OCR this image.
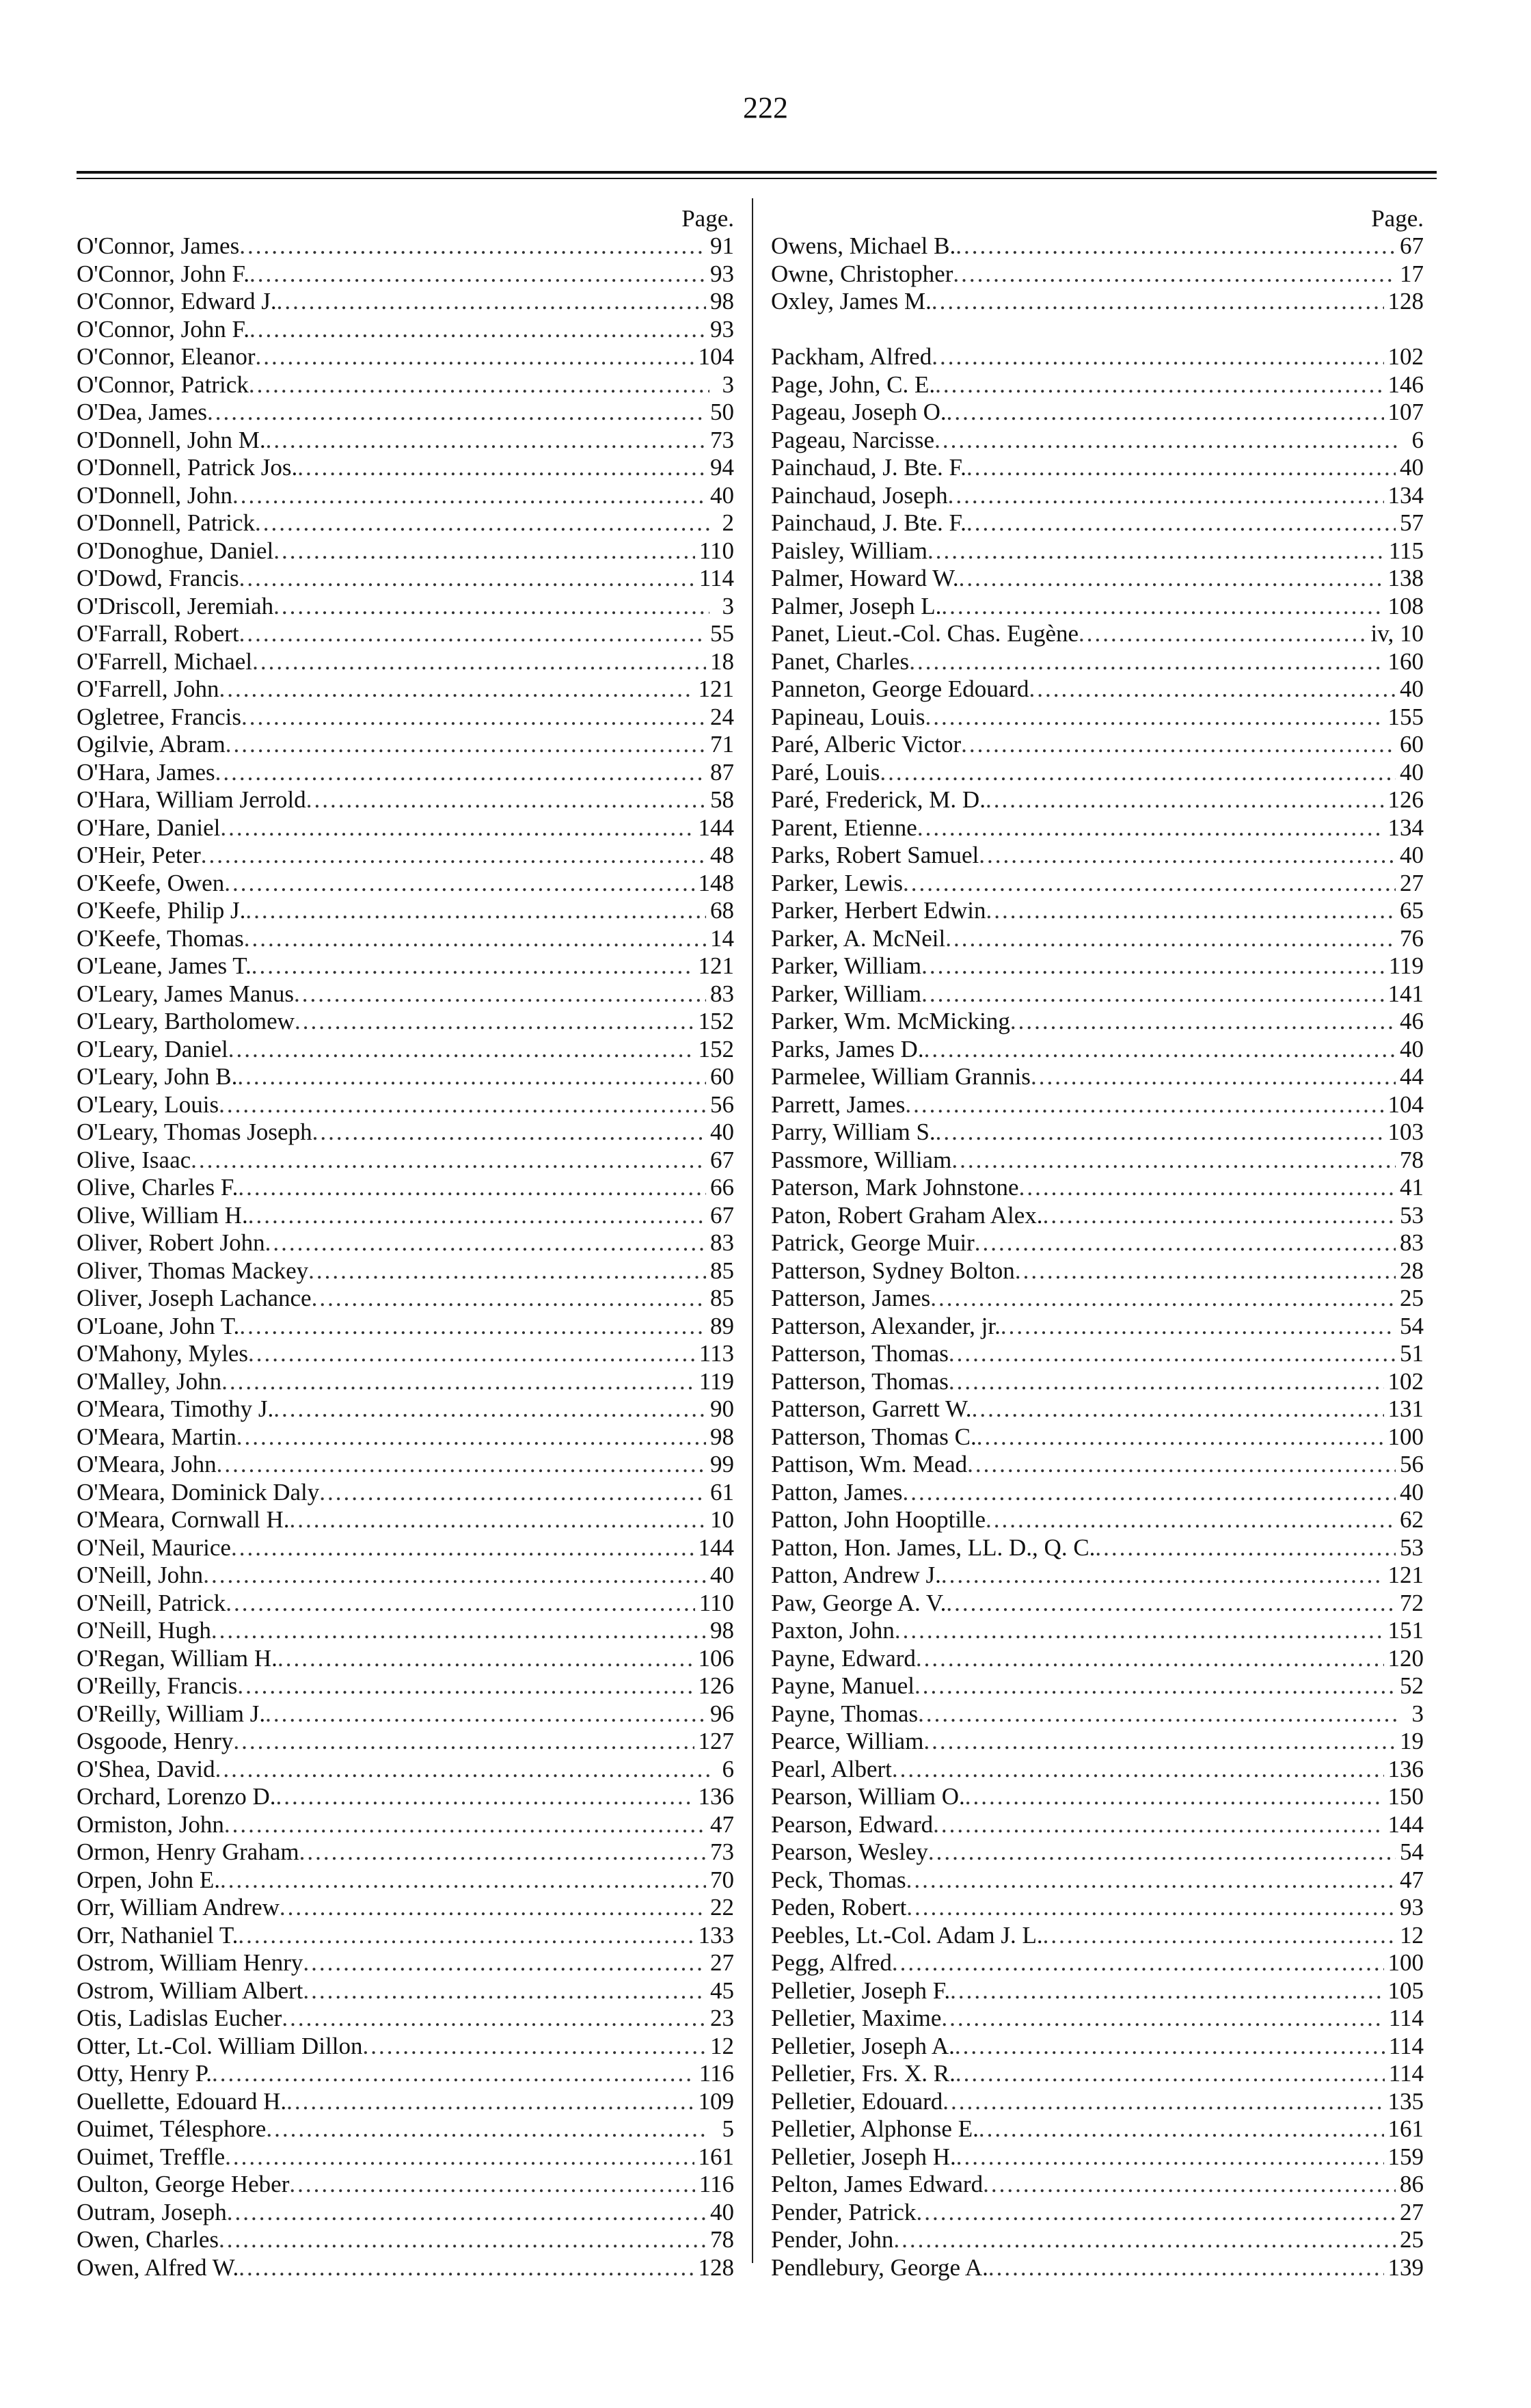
222
Page.
O'Connor, James .....	91
O'Connor, John F. .....	93
O'Connor, Edward J. .....	98
O'Connor, John F. .....	93
O'Connor, Eleanor .....	104
O'Connor, Patrick .....	3
O'Dea, James .....	50
O'Donnell, John M. .....	73
O'Donnell, Patrick Jos. .....	94
O'Donnell, John .....	40
O'Donnell, Patrick .....	2
O'Donoghue, Daniel .....	110
O'Dowd, Francis .....	114
O'Driscoll, Jeremiah .....	3
O'Farrall, Robert .....	55
O'Farrell, Michael .....	18
O'Farrell, John .....	121
Ogletree, Francis .....	24
Ogilvie, Abram .....	71
O'Hara, James .....	87
O'Hara, William Jerrold .....	58
O'Hare, Daniel .....	144
O'Heir, Peter .....	48
O'Keefe, Owen .....	148
O'Keefe, Philip J. .....	68
O'Keefe, Thomas .....	14
O'Leane, James T. .....	121
O'Leary, James Manus .....	83
O'Leary, Bartholomew .....	152
O'Leary, Daniel .....	152
O'Leary, John B. .....	60
O'Leary, Louis .....	56
O'Leary, Thomas Joseph .....	40
Olive, Isaac .....	67
Olive, Charles F. .....	66
Olive, William H. .....	67
Oliver, Robert John .....	83
Oliver, Thomas Mackey .....	85
Oliver, Joseph Lachance .....	85
O'Loane, John T. .....	89
O'Mahony, Myles .....	113
O'Malley, John .....	119
O'Meara, Timothy J. .....	90
O'Meara, Martin .....	98
O'Meara, John .....	99
O'Meara, Dominick Daly .....	61
O'Meara, Cornwall H. .....	10
O'Neil, Maurice .....	144
O'Neill, John .....	40
O'Neill, Patrick .....	110
O'Neill, Hugh .....	98
O'Regan, William H. .....	106
O'Reilly, Francis .....	126
O'Reilly, William J. .....	96
Osgoode, Henry .....	127
O'Shea, David .....	6
Orchard, Lorenzo D. .....	136
Ormiston, John .....	47
Ormon, Henry Graham .....	73
Orpen, John E. .....	70
Orr, William Andrew .....	22
Orr, Nathaniel T. .....	133
Ostrom, William Henry .....	27
Ostrom, William Albert .....	45
Otis, Ladislas Eucher .....	23
Otter, Lt.-Col. William Dillon .....	12
Otty, Henry P. .....	116
Ouellette, Edouard H. .....	109
Ouimet, Télesphore .....	5
Ouimet, Treffle .....	161
Oulton, George Heber .....	116
Outram, Joseph .....	40
Owen, Charles .....	78
Owen, Alfred W. .....	128
Page.
Owens, Michael B. .....	67
Owne, Christopher .....	17
Oxley, James M. .....	128
Packham, Alfred .....	102
Page, John, C. E. .....	146
Pageau, Joseph O. .....	107
Pageau, Narcisse .....	6
Painchaud, J. Bte. F. .....	40
Painchaud, Joseph .....	134
Painchaud, J. Bte. F. .....	57
Paisley, William .....	115
Palmer, Howard W. .....	138
Palmer, Joseph L. .....	108
Panet, Lieut.-Col. Chas. Eugène .....	iv, 10
Panet, Charles .....	160
Panneton, George Edouard .....	40
Papineau, Louis .....	155
Paré, Alberic Victor .....	60
Paré, Louis .....	40
Paré, Frederick, M. D. .....	126
Parent, Etienne .....	134
Parks, Robert Samuel .....	40
Parker, Lewis .....	27
Parker, Herbert Edwin .....	65
Parker, A. McNeil .....	76
Parker, William .....	119
Parker, William .....	141
Parker, Wm. McMicking .....	46
Parks, James D. .....	40
Parmelee, William Grannis .....	44
Parrett, James .....	104
Parry, William S. .....	103
Passmore, William .....	78
Paterson, Mark Johnstone .....	41
Paton, Robert Graham Alex. .....	53
Patrick, George Muir .....	83
Patterson, Sydney Bolton .....	28
Patterson, James .....	25
Patterson, Alexander, jr. .....	54
Patterson, Thomas .....	51
Patterson, Thomas .....	102
Patterson, Garrett W. .....	131
Patterson, Thomas C. .....	100
Pattison, Wm. Mead .....	56
Patton, James .....	40
Patton, John Hooptille .....	62
Patton, Hon. James, LL. D., Q. C. .....	53
Patton, Andrew J. .....	121
Paw, George A. V. .....	72
Paxton, John .....	151
Payne, Edward .....	120
Payne, Manuel .....	52
Payne, Thomas .....	3
Pearce, William .....	19
Pearl, Albert .....	136
Pearson, William O. .....	150
Pearson, Edward .....	144
Pearson, Wesley .....	54
Peck, Thomas .....	47
Peden, Robert .....	93
Peebles, Lt.-Col. Adam J. L. .....	12
Pegg, Alfred .....	100
Pelletier, Joseph F. .....	105
Pelletier, Maxime .....	114
Pelletier, Joseph A. .....	114
Pelletier, Frs. X. R. .....	114
Pelletier, Edouard .....	135
Pelletier, Alphonse E. .....	161
Pelletier, Joseph H. .....	159
Pelton, James Edward .....	86
Pender, Patrick .....	27
Pender, John .....	25
Pendlebury, George A. .....	139
